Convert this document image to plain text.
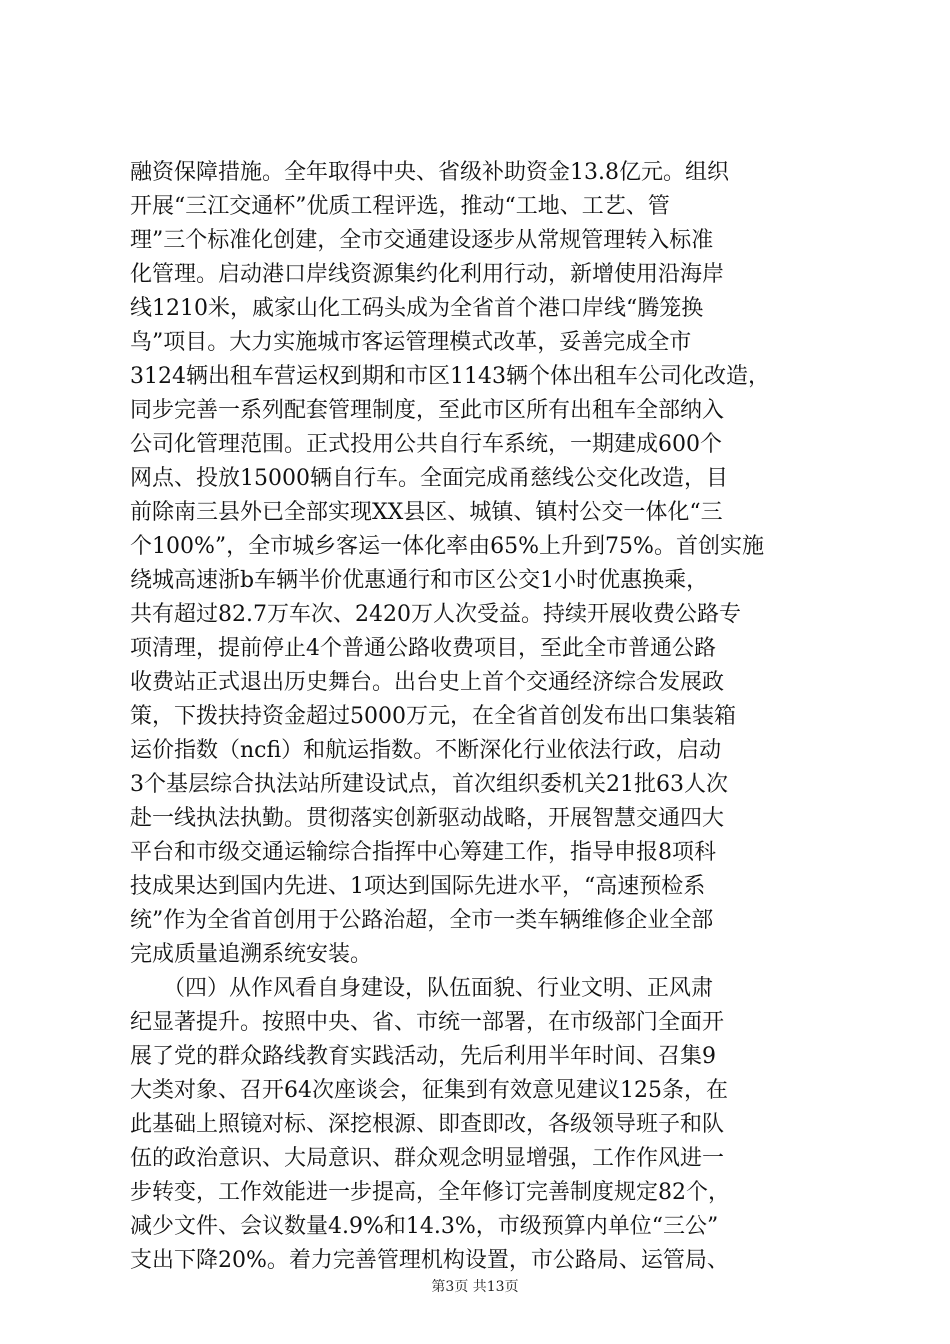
融资保障措施。全年取得中央、省级补助资金13.8亿元。组织
开展“三江交通杯”优质工程评选，推动“工地、工艺、管
理”三个标准化创建，全市交通建设逐步从常规管理转入标准
化管理。启动港口岸线资源集约化利用行动，新增使用沿海岸
线1210米，戚家山化工码头成为全省首个港口岸线“腾笼换
鸟”项目。大力实施城市客运管理模式改革，妥善完成全市
3124辆出租车营运权到期和市区1143辆个体出租车公司化改造，
同步完善一系列配套管理制度，至此市区所有出租车全部纳入
公司化管理范围。正式投用公共自行车系统，一期建成600个
网点、投放15000辆自行车。全面完成甬慈线公交化改造，目
前除南三县外已全部实现XX县区、城镇、镇村公交一体化“三
个100%”，全市城乡客运一体化率由65%上升到75%。首创实施
绕城高速浙b车辆半价优惠通行和市区公交1小时优惠换乘，
共有超过82.7万车次、2420万人次受益。持续开展收费公路专
项清理，提前停止4个普通公路收费项目，至此全市普通公路
收费站正式退出历史舞台。出台史上首个交通经济综合发展政
策，下拨扶持资金超过5000万元，在全省首创发布出口集装箱
运价指数（ncfi）和航运指数。不断深化行业依法行政，启动
3个基层综合执法站所建设试点，首次组织委机关21批63人次
赴一线执法执勤。贯彻落实创新驱动战略，开展智慧交通四大
平台和市级交通运输综合指挥中心筹建工作，指导申报8项科
技成果达到国内先进、1项达到国际先进水平，“高速预检系
统”作为全省首创用于公路治超，全市一类车辆维修企业全部
完成质量追溯系统安装。
　　（四）从作风看自身建设，队伍面貌、行业文明、正风肃
纪显著提升。按照中央、省、市统一部署，在市级部门全面开
展了党的群众路线教育实践活动，先后利用半年时间、召集9
大类对象、召开64次座谈会，征集到有效意见建议125条，在
此基础上照镜对标、深挖根源、即查即改，各级领导班子和队
伍的政治意识、大局意识、群众观念明显增强，工作作风进一
步转变，工作效能进一步提高，全年修订完善制度规定82个，
减少文件、会议数量4.9%和14.3%，市级预算内单位“三公”
支出下降20%。着力完善管理机构设置，市公路局、运管局、
第3页 共13页
